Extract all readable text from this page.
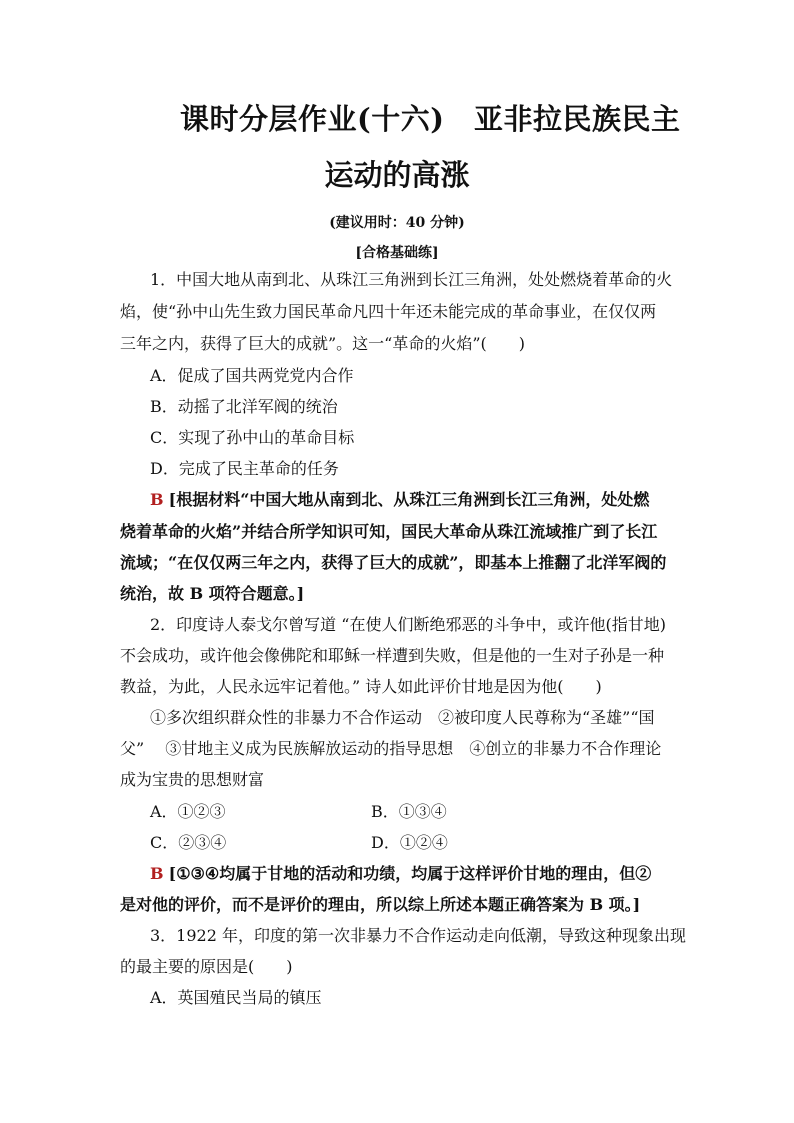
课时分层作业(十六)　亚非拉民族民主
运动的高涨
(建议用时：40 分钟)
[合格基础练]
1．中国大地从南到北、从珠江三角洲到长江三角洲，处处燃烧着革命的火
焰，使“孙中山先生致力国民革命凡四十年还未能完成的革命事业，在仅仅两
三年之内，获得了巨大的成就”。这一“革命的火焰”(　　)
A．促成了国共两党党内合作
B．动摇了北洋军阀的统治
C．实现了孙中山的革命目标
D．完成了民主革命的任务
B [根据材料“中国大地从南到北、从珠江三角洲到长江三角洲，处处燃
烧着革命的火焰”并结合所学知识可知，国民大革命从珠江流域推广到了长江
流域；“在仅仅两三年之内，获得了巨大的成就”，即基本上推翻了北洋军阀的
统治，故 B 项符合题意。]
2．印度诗人泰戈尔曾写道 “在使人们断绝邪恶的斗争中，或许他(指甘地)
不会成功，或许他会像佛陀和耶稣一样遭到失败，但是他的一生对子孙是一种
教益，为此，人民永远牢记着他。” 诗人如此评价甘地是因为他(　　)
①多次组织群众性的非暴力不合作运动　②被印度人民尊称为“圣雄”“国
父”　 ③甘地主义成为民族解放运动的指导思想　④创立的非暴力不合作理论
成为宝贵的思想财富
A．①②③	B．①③④
C．②③④	D．①②④
B [①③④均属于甘地的活动和功绩，均属于这样评价甘地的理由，但②
是对他的评价，而不是评价的理由，所以综上所述本题正确答案为 B 项。]
3．1922 年，印度的第一次非暴力不合作运动走向低潮，导致这种现象出现
的最主要的原因是(　　)
A．英国殖民当局的镇压
